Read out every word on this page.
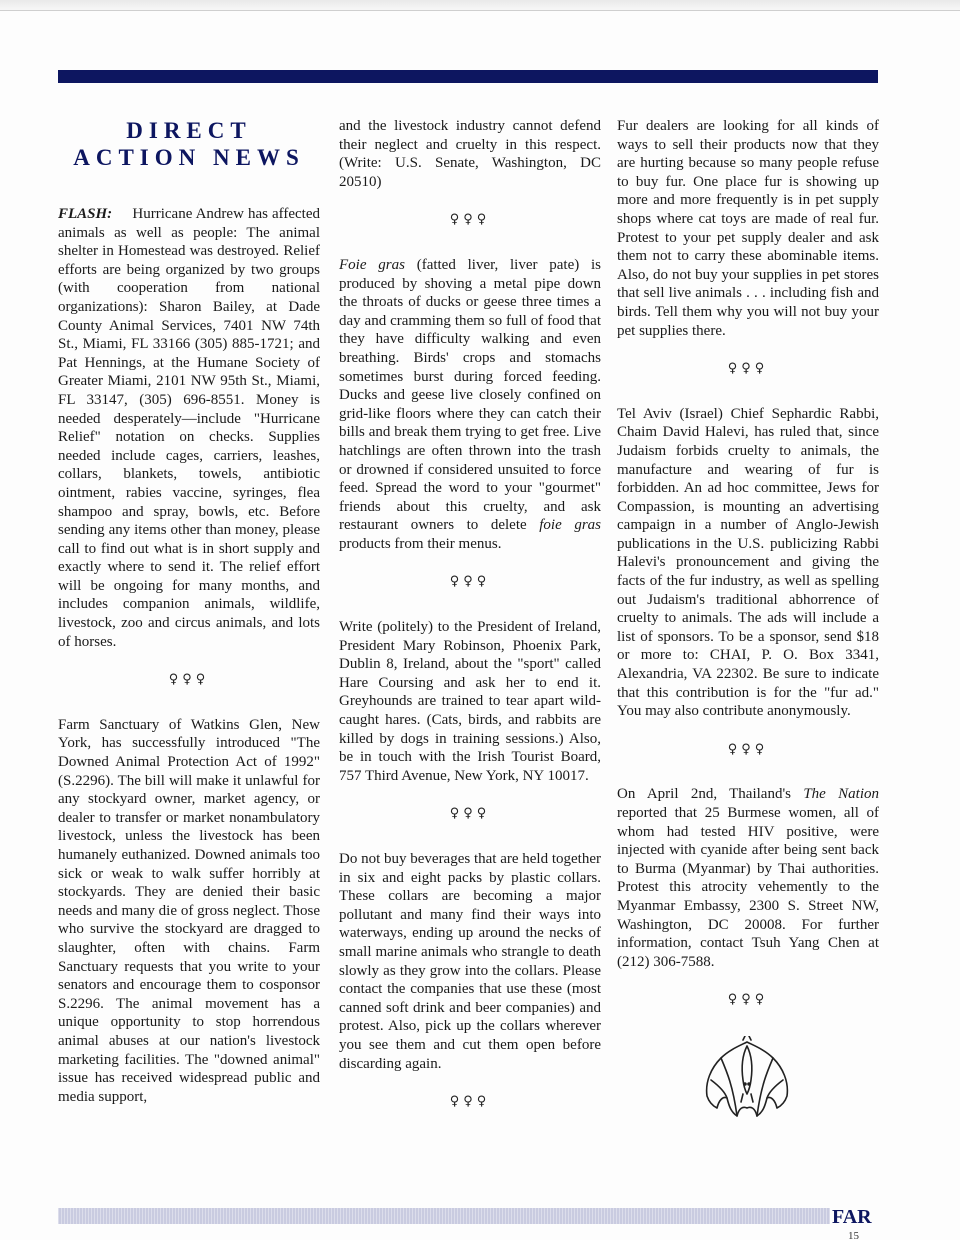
DIRECT ACTION NEWS

FLASH: Hurricane Andrew has affected animals as well as people: The animal shelter in Homestead was destroyed. Relief efforts are being organized by two groups (with cooperation from national organizations): Sharon Bailey, at Dade County Animal Services, 7401 NW 74th St., Miami, FL 33166 (305) 885-1721; and Pat Hennings, at the Humane Society of Greater Miami, 2101 NW 95th St., Miami, FL 33147, (305) 696-8551. Money is needed desperately—include "Hurricane Relief" notation on checks. Supplies needed include cages, carriers, leashes, collars, blankets, towels, antibiotic ointment, rabies vaccine, syringes, flea shampoo and spray, bowls, etc. Before sending any items other than money, please call to find out what is in short supply and exactly where to send it. The relief effort will be ongoing for many months, and includes companion animals, wildlife, livestock, zoo and circus animals, and lots of horses.

♀♀♀

Farm Sanctuary of Watkins Glen, New York, has successfully introduced "The Downed Animal Protection Act of 1992" (S.2296). The bill will make it unlawful for any stockyard owner, market agency, or dealer to transfer or market nonambulatory livestock, unless the livestock has been humanely euthanized. Downed animals too sick or weak to walk suffer horribly at stockyards. They are denied their basic needs and many die of gross neglect. Those who survive the stockyard are dragged to slaughter, often with chains. Farm Sanctuary requests that you write to your senators and encourage them to cosponsor S.2296. The animal movement has a unique opportunity to stop horrendous animal abuses at our nation's livestock marketing facilities. The "downed animal" issue has received widespread public and media support,

and the livestock industry cannot defend their neglect and cruelty in this respect. (Write: U.S. Senate, Washington, DC 20510)

♀♀♀

Foie gras (fatted liver, liver pate) is produced by shoving a metal pipe down the throats of ducks or geese three times a day and cramming them so full of food that they have difficulty walking and even breathing. Birds' crops and stomachs sometimes burst during forced feeding. Ducks and geese live closely confined on grid-like floors where they can catch their bills and break them trying to get free. Live hatchlings are often thrown into the trash or drowned if considered unsuited to force feed. Spread the word to your "gourmet" friends about this cruelty, and ask restaurant owners to delete foie gras products from their menus.

♀♀♀

Write (politely) to the President of Ireland, President Mary Robinson, Phoenix Park, Dublin 8, Ireland, about the "sport" called Hare Coursing and ask her to end it. Greyhounds are trained to tear apart wild-caught hares. (Cats, birds, and rabbits are killed by dogs in training sessions.) Also, be in touch with the Irish Tourist Board, 757 Third Avenue, New York, NY 10017.

♀♀♀

Do not buy beverages that are held together in six and eight packs by plastic collars. These collars are becoming a major pollutant and many find their ways into waterways, ending up around the necks of small marine animals who strangle to death slowly as they grow into the collars. Please contact the companies that use these (most canned soft drink and beer companies) and protest. Also, pick up the collars wherever you see them and cut them open before discarding again.

♀♀♀

Fur dealers are looking for all kinds of ways to sell their products now that they are hurting because so many people refuse to buy fur. One place fur is showing up more and more frequently is in pet supply shops where cat toys are made of real fur. Protest to your pet supply dealer and ask them not to carry these abominable items. Also, do not buy your supplies in pet stores that sell live animals . . . including fish and birds. Tell them why you will not buy your pet supplies there.

♀♀♀

Tel Aviv (Israel) Chief Sephardic Rabbi, Chaim David Halevi, has ruled that, since Judaism forbids cruelty to animals, the manufacture and wearing of fur is forbidden. An ad hoc committee, Jews for Compassion, is mounting an advertising campaign in a number of Anglo-Jewish publications in the U.S. publicizing Rabbi Halevi's pronouncement and giving the facts of the fur industry, as well as spelling out Judaism's traditional abhorrence of cruelty to animals. The ads will include a list of sponsors. To be a sponsor, send $18 or more to: CHAI, P. O. Box 3341, Alexandria, VA 22302. Be sure to indicate that this contribution is for the "fur ad." You may also contribute anonymously.

♀♀♀

On April 2nd, Thailand's The Nation reported that 25 Burmese women, all of whom had tested HIV positive, were injected with cyanide after being sent back to Burma (Myanmar) by Thai authorities. Protest this atrocity vehemently to the Myanmar Embassy, 2300 S. Street NW, Washington, DC 20008. For further information, contact Tsuh Yang Chen at (212) 306-7588.

♀♀♀
FAR
15
